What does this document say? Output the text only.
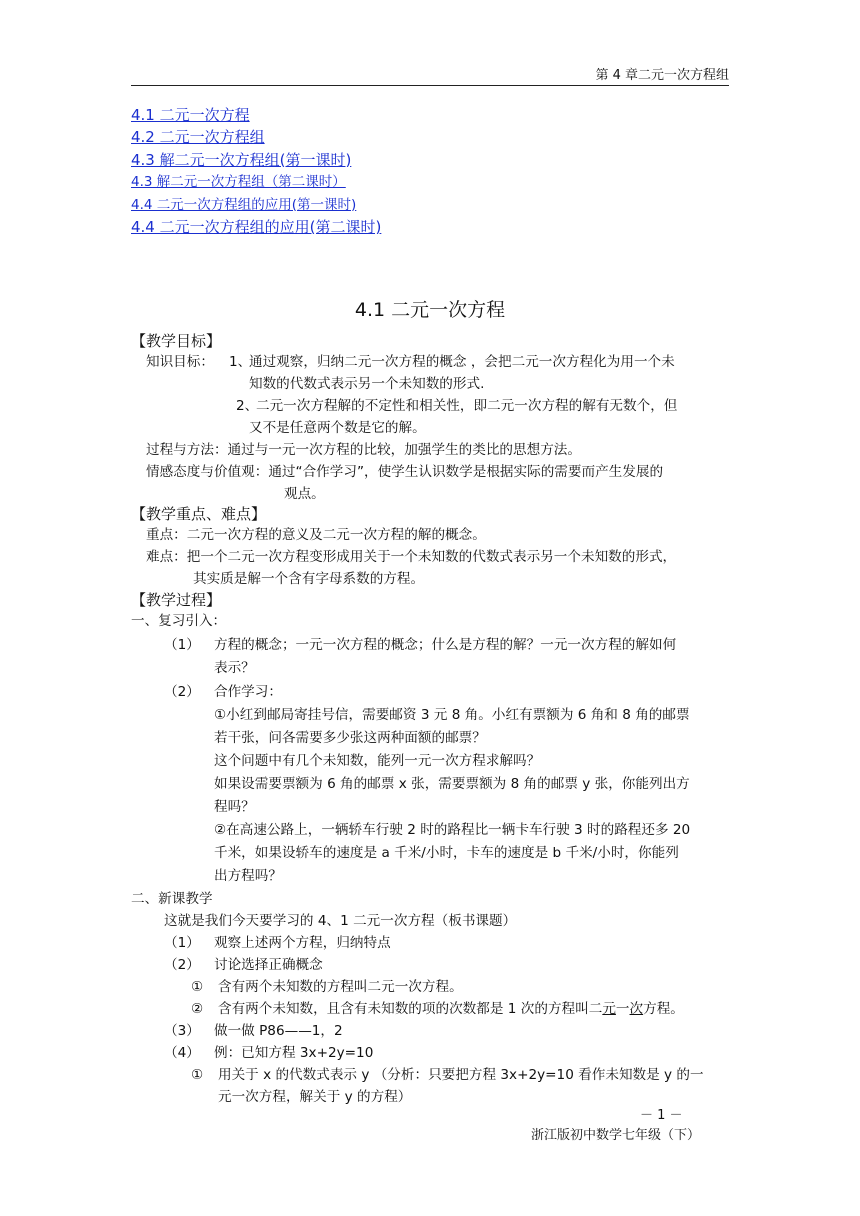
第 4 章二元一次方程组
4.1 二元一次方程
4.2 二元一次方程组
4.3 解二元一次方程组(第一课时)
4.3 解二元一次方程组（第二课时）
4.4 二元一次方程组的应用(第一课时)
4.4 二元一次方程组的应用(第二课时)
4.1 二元一次方程
【教学目标】
知识目标： 1、
通过观察，归纳二元一次方程的概念 ，会把二元一次方程化为用一个未
知数的代数式表示另一个未知数的形式.
2、
二元一次方程解的不定性和相关性，即二元一次方程的解有无数个，但
又不是任意两个数是它的解。
过程与方法：通过与一元一次方程的比较，加强学生的类比的思想方法。
情感态度与价值观：通过“合作学习”，使学生认识数学是根据实际的需要而产生发展的
观点。
【教学重点、难点】
重点：二元一次方程的意义及二元一次方程的解的概念。
难点：把一个二元一次方程变形成用关于一个未知数的代数式表示另一个未知数的形式，
其实质是解一个含有字母系数的方程。
【教学过程】
一、复习引入：
（1） 方程的概念；一元一次方程的概念；什么是方程的解？一元一次方程的解如何
表示？
（2） 合作学习：
①小红到邮局寄挂号信，需要邮资 3 元 8 角。小红有票额为 6 角和 8 角的邮票
若干张，问各需要多少张这两种面额的邮票？
这个问题中有几个未知数，能列一元一次方程求解吗？
如果设需要票额为 6 角的邮票 x 张，需要票额为 8 角的邮票 y 张，你能列出方
程吗？
②在高速公路上，一辆轿车行驶 2 时的路程比一辆卡车行驶 3 时的路程还多 20
千米，如果设轿车的速度是 a 千米/小时，卡车的速度是 b 千米/小时，你能列
出方程吗？
二、新课教学
这就是我们今天要学习的 4、1 二元一次方程（板书课题）
（1） 观察上述两个方程，归纳特点
（2） 讨论选择正确概念
① 含有两个未知数的方程叫二元一次方程。
② 含有两个未知数，且含有未知数的项的次数都是 1 次的方程叫二元一次方程。
（3） 做一做 P86——1，2
（4） 例：已知方程 3x+2y=10
① 用关于 x 的代数式表示 y （分析：只要把方程 3x+2y=10 看作未知数是 y 的一
元一次方程，解关于 y 的方程）
－ 1 －
浙江版初中数学七年级（下）
